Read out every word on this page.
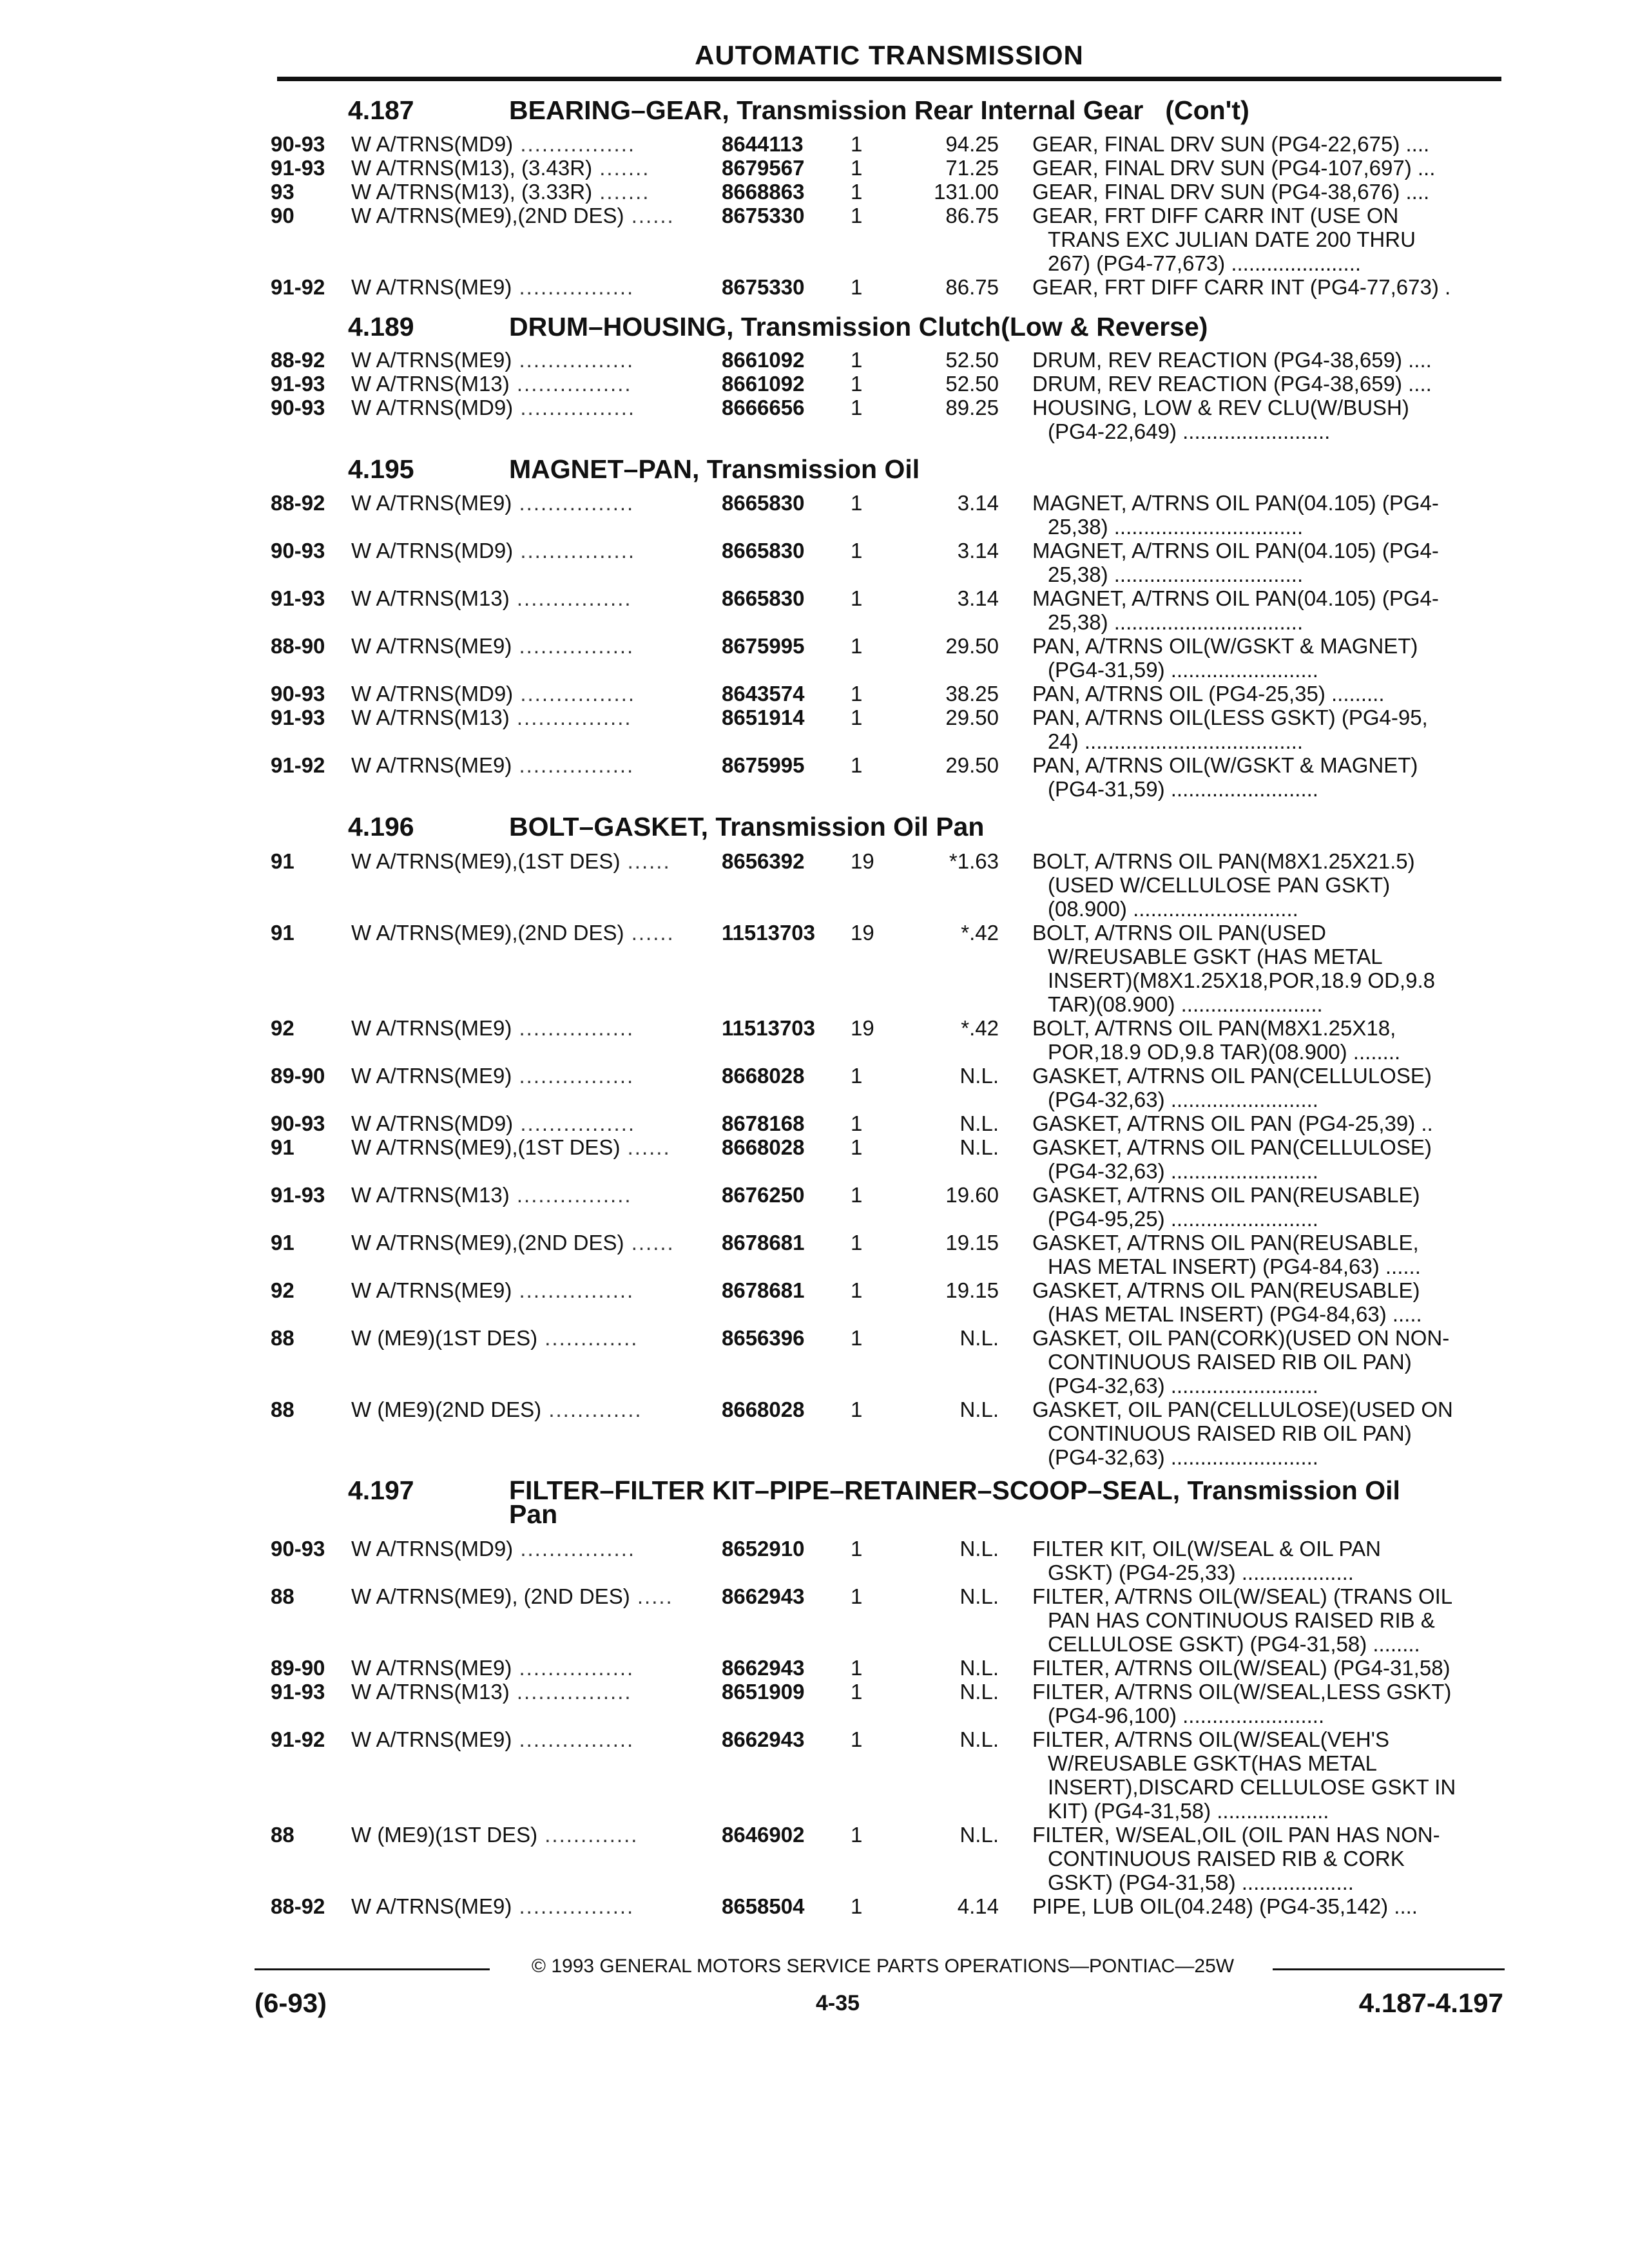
AUTOMATIC TRANSMISSION
4.187	BEARING–GEAR, Transmission Rear Internal Gear (Con't)
90-93 W A/TRNS(MD9) ................	8644113 1	94.25 GEAR, FINAL DRV SUN (PG4-22,675) ....
91-93 W A/TRNS(M13), (3.43R) .......	8679567 1	71.25 GEAR, FINAL DRV SUN (PG4-107,697) ...
93	W A/TRNS(M13), (3.33R) .......	8668863 1	131.00 GEAR, FINAL DRV SUN (PG4-38,676) ....
90	W A/TRNS(ME9),(2ND DES) ...... 8675330 1	86.75 GEAR, FRT DIFF CARR INT (USE ON
TRANS EXC JULIAN DATE 200 THRU
267) (PG4-77,673) ......................
91-92 W A/TRNS(ME9) ................	8675330 1	86.75 GEAR, FRT DIFF CARR INT (PG4-77,673) .
4.189	DRUM–HOUSING, Transmission Clutch(Low & Reverse)
88-92 W A/TRNS(ME9) ................	8661092 1	52.50 DRUM, REV REACTION (PG4-38,659) ....
91-93 W A/TRNS(M13) ................	8661092 1	52.50 DRUM, REV REACTION (PG4-38,659) ....
90-93 W A/TRNS(MD9) ................	8666656 1	89.25 HOUSING, LOW & REV CLU(W/BUSH)
(PG4-22,649) .........................
4.195	MAGNET–PAN, Transmission Oil
88-92 W A/TRNS(ME9) ................	8665830 1	3.14 MAGNET, A/TRNS OIL PAN(04.105) (PG4-
25,38) ................................
90-93 W A/TRNS(MD9) ................	8665830 1	3.14 MAGNET, A/TRNS OIL PAN(04.105) (PG4-
25,38) ................................
91-93 W A/TRNS(M13) ................	8665830 1	3.14 MAGNET, A/TRNS OIL PAN(04.105) (PG4-
25,38) ................................
88-90 W A/TRNS(ME9) ................	8675995 1	29.50 PAN, A/TRNS OIL(W/GSKT & MAGNET)
(PG4-31,59) .........................
90-93 W A/TRNS(MD9) ................	8643574 1	38.25 PAN, A/TRNS OIL (PG4-25,35) .........
91-93 W A/TRNS(M13) ................	8651914 1	29.50 PAN, A/TRNS OIL(LESS GSKT) (PG4-95,
24) .....................................
91-92 W A/TRNS(ME9) ................	8675995 1	29.50 PAN, A/TRNS OIL(W/GSKT & MAGNET)
(PG4-31,59) .........................
4.196	BOLT–GASKET, Transmission Oil Pan
91	W A/TRNS(ME9),(1ST DES) ...... 8656392 19	*1.63 BOLT, A/TRNS OIL PAN(M8X1.25X21.5)
(USED W/CELLULOSE PAN GSKT)
(08.900) ............................
91	W A/TRNS(ME9),(2ND DES) ...... 11513703 19	*.42 BOLT, A/TRNS OIL PAN(USED
W/REUSABLE GSKT (HAS METAL
INSERT)(M8X1.25X18,POR,18.9 OD,9.8
TAR)(08.900) ........................
92	W A/TRNS(ME9) ................	11513703 19	*.42 BOLT, A/TRNS OIL PAN(M8X1.25X18,
POR,18.9 OD,9.8 TAR)(08.900) ........
89-90 W A/TRNS(ME9) ................	8668028 1	N.L. GASKET, A/TRNS OIL PAN(CELLULOSE)
(PG4-32,63) .........................
90-93 W A/TRNS(MD9) ................	8678168 1	N.L. GASKET, A/TRNS OIL PAN (PG4-25,39) ..
91	W A/TRNS(ME9),(1ST DES) ...... 8668028 1	N.L. GASKET, A/TRNS OIL PAN(CELLULOSE)
(PG4-32,63) .........................
91-93 W A/TRNS(M13) ................	8676250 1	19.60 GASKET, A/TRNS OIL PAN(REUSABLE)
(PG4-95,25) .........................
91	W A/TRNS(ME9),(2ND DES) ...... 8678681 1	19.15 GASKET, A/TRNS OIL PAN(REUSABLE,
HAS METAL INSERT) (PG4-84,63) ......
92	W A/TRNS(ME9) ................	8678681 1	19.15 GASKET, A/TRNS OIL PAN(REUSABLE)
(HAS METAL INSERT) (PG4-84,63) .....
88	W (ME9)(1ST DES) .............	8656396 1	N.L. GASKET, OIL PAN(CORK)(USED ON NON-
CONTINUOUS RAISED RIB OIL PAN)
(PG4-32,63) .........................
88	W (ME9)(2ND DES) .............	8668028 1	N.L. GASKET, OIL PAN(CELLULOSE)(USED ON
CONTINUOUS RAISED RIB OIL PAN)
(PG4-32,63) .........................
4.197	FILTER–FILTER KIT–PIPE–RETAINER–SCOOP–SEAL, Transmission Oil
Pan
90-93 W A/TRNS(MD9) ................	8652910 1	N.L. FILTER KIT, OIL(W/SEAL & OIL PAN
GSKT) (PG4-25,33) ...................
88	W A/TRNS(ME9), (2ND DES) ..... 8662943 1	N.L. FILTER, A/TRNS OIL(W/SEAL) (TRANS OIL
PAN HAS CONTINUOUS RAISED RIB &
CELLULOSE GSKT) (PG4-31,58) ........
89-90 W A/TRNS(ME9) ................	8662943 1	N.L. FILTER, A/TRNS OIL(W/SEAL) (PG4-31,58)
91-93 W A/TRNS(M13) ................	8651909 1	N.L. FILTER, A/TRNS OIL(W/SEAL,LESS GSKT)
(PG4-96,100) ........................
91-92 W A/TRNS(ME9) ................	8662943 1	N.L. FILTER, A/TRNS OIL(W/SEAL(VEH'S
W/REUSABLE GSKT(HAS METAL
INSERT),DISCARD CELLULOSE GSKT IN
KIT) (PG4-31,58) ...................
88	W (ME9)(1ST DES) .............	8646902 1	N.L. FILTER, W/SEAL,OIL (OIL PAN HAS NON-
CONTINUOUS RAISED RIB & CORK
GSKT) (PG4-31,58) ...................
88-92 W A/TRNS(ME9) ................	8658504 1	4.14 PIPE, LUB OIL(04.248) (PG4-35,142) ....
© 1993 GENERAL MOTORS SERVICE PARTS OPERATIONS—PONTIAC—25W
(6-93)	4-35	4.187-4.197
